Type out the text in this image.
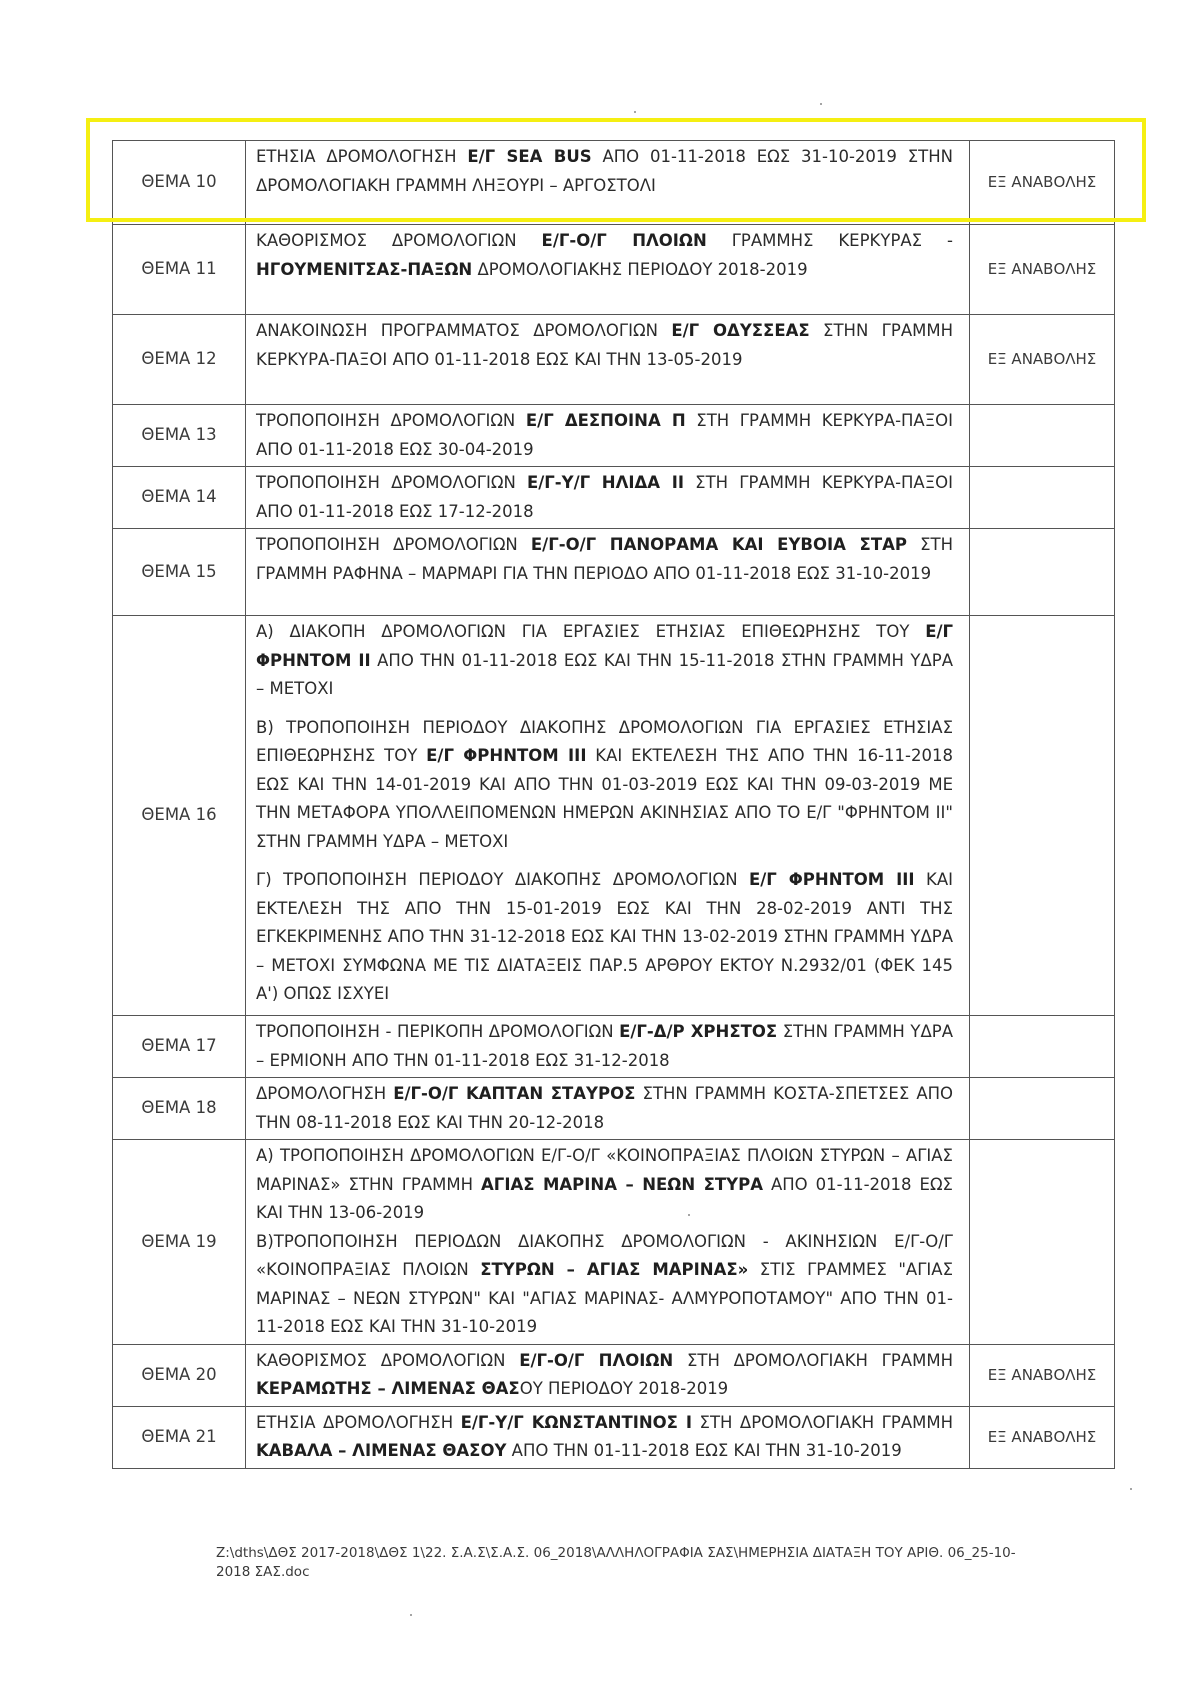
ΘΕΜΑ 10	ΕΤΗΣΙΑ ΔΡΟΜΟΛΟΓΗΣΗ Ε/Γ SEA BUS ΑΠΟ 01-11-2018 ΕΩΣ 31-10-2019 ΣΤΗΝ ΔΡΟΜΟΛΟΓΙΑΚΗ ΓΡΑΜΜΗ ΛΗΞΟΥΡΙ – ΑΡΓΟΣΤΟΛΙ	ΕΞ ΑΝΑΒΟΛΗΣ
ΘΕΜΑ 11	ΚΑΘΟΡΙΣΜΟΣ ΔΡΟΜΟΛΟΓΙΩΝ Ε/Γ-Ο/Γ ΠΛΟΙΩΝ ΓΡΑΜΜΗΣ ΚΕΡΚΥΡΑΣ - ΗΓΟΥΜΕΝΙΤΣΑΣ-ΠΑΞΩΝ ΔΡΟΜΟΛΟΓΙΑΚΗΣ ΠΕΡΙΟΔΟΥ 2018-2019	ΕΞ ΑΝΑΒΟΛΗΣ
ΘΕΜΑ 12	ΑΝΑΚΟΙΝΩΣΗ ΠΡΟΓΡΑΜΜΑΤΟΣ ΔΡΟΜΟΛΟΓΙΩΝ Ε/Γ ΟΔΥΣΣΕΑΣ ΣΤΗΝ ΓΡΑΜΜΗ ΚΕΡΚΥΡΑ-ΠΑΞΟΙ ΑΠΟ 01-11-2018 ΕΩΣ ΚΑΙ ΤΗΝ 13-05-2019	ΕΞ ΑΝΑΒΟΛΗΣ
ΘΕΜΑ 13	ΤΡΟΠΟΠΟΙΗΣΗ ΔΡΟΜΟΛΟΓΙΩΝ Ε/Γ ΔΕΣΠΟΙΝΑ Π ΣΤΗ ΓΡΑΜΜΗ ΚΕΡΚΥΡΑ-ΠΑΞΟΙ ΑΠΟ 01-11-2018 ΕΩΣ 30-04-2019	

ΘΕΜΑ 14	ΤΡΟΠΟΠΟΙΗΣΗ ΔΡΟΜΟΛΟΓΙΩΝ Ε/Γ-Υ/Γ ΗΛΙΔΑ ΙΙ ΣΤΗ ΓΡΑΜΜΗ ΚΕΡΚΥΡΑ-ΠΑΞΟΙ ΑΠΟ 01-11-2018 ΕΩΣ 17-12-2018	

ΘΕΜΑ 15	ΤΡΟΠΟΠΟΙΗΣΗ ΔΡΟΜΟΛΟΓΙΩΝ Ε/Γ-Ο/Γ ΠΑΝΟΡΑΜΑ ΚΑΙ ΕΥΒΟΙΑ ΣΤΑΡ ΣΤΗ ΓΡΑΜΜΗ ΡΑΦΗΝΑ – ΜΑΡΜΑΡΙ ΓΙΑ ΤΗΝ ΠΕΡΙΟΔΟ ΑΠΟ 01-11-2018 ΕΩΣ 31-10-2019	

ΘΕΜΑ 16	Α) ΔΙΑΚΟΠΗ ΔΡΟΜΟΛΟΓΙΩΝ ΓΙΑ ΕΡΓΑΣΙΕΣ ΕΤΗΣΙΑΣ ΕΠΙΘΕΩΡΗΣΗΣ ΤΟΥ Ε/Γ ΦΡΗΝΤΟΜ ΙΙ ΑΠΟ ΤΗΝ 01-11-2018 ΕΩΣ ΚΑΙ ΤΗΝ 15-11-2018 ΣΤΗΝ ΓΡΑΜΜΗ ΥΔΡΑ – ΜΕΤΟΧΙ

Β) ΤΡΟΠΟΠΟΙΗΣΗ ΠΕΡΙΟΔΟΥ ΔΙΑΚΟΠΗΣ ΔΡΟΜΟΛΟΓΙΩΝ ΓΙΑ ΕΡΓΑΣΙΕΣ ΕΤΗΣΙΑΣ ΕΠΙΘΕΩΡΗΣΗΣ ΤΟΥ Ε/Γ ΦΡΗΝΤΟΜ ΙΙΙ ΚΑΙ ΕΚΤΕΛΕΣΗ ΤΗΣ ΑΠΟ ΤΗΝ 16-11-2018 ΕΩΣ ΚΑΙ ΤΗΝ 14-01-2019 ΚΑΙ ΑΠΟ ΤΗΝ 01-03-2019 ΕΩΣ ΚΑΙ ΤΗΝ 09-03-2019 ΜΕ ΤΗΝ ΜΕΤΑΦΟΡΑ ΥΠΟΛΛΕΙΠΟΜΕΝΩΝ ΗΜΕΡΩΝ ΑΚΙΝΗΣΙΑΣ ΑΠΟ ΤΟ Ε/Γ "ΦΡΗΝΤΟΜ ΙΙ" ΣΤΗΝ ΓΡΑΜΜΗ ΥΔΡΑ – ΜΕΤΟΧΙ

Γ) ΤΡΟΠΟΠΟΙΗΣΗ ΠΕΡΙΟΔΟΥ ΔΙΑΚΟΠΗΣ ΔΡΟΜΟΛΟΓΙΩΝ Ε/Γ ΦΡΗΝΤΟΜ ΙΙΙ ΚΑΙ ΕΚΤΕΛΕΣΗ ΤΗΣ ΑΠΟ ΤΗΝ 15-01-2019 ΕΩΣ ΚΑΙ ΤΗΝ 28-02-2019 ΑΝΤΙ ΤΗΣ ΕΓΚΕΚΡΙΜΕΝΗΣ ΑΠΟ ΤΗΝ 31-12-2018 ΕΩΣ ΚΑΙ ΤΗΝ 13-02-2019 ΣΤΗΝ ΓΡΑΜΜΗ ΥΔΡΑ – ΜΕΤΟΧΙ ΣΥΜΦΩΝΑ ΜΕ ΤΙΣ ΔΙΑΤΑΞΕΙΣ ΠΑΡ.5 ΑΡΘΡΟΥ ΕΚΤΟΥ Ν.2932/01 (ΦΕΚ 145 Α') ΟΠΩΣ ΙΣΧΥΕΙ	

ΘΕΜΑ 17	ΤΡΟΠΟΠΟΙΗΣΗ - ΠΕΡΙΚΟΠΗ ΔΡΟΜΟΛΟΓΙΩΝ Ε/Γ-Δ/Ρ ΧΡΗΣΤΟΣ ΣΤΗΝ ΓΡΑΜΜΗ ΥΔΡΑ – ΕΡΜΙΟΝΗ ΑΠΟ ΤΗΝ 01-11-2018 ΕΩΣ 31-12-2018	

ΘΕΜΑ 18	ΔΡΟΜΟΛΟΓΗΣΗ Ε/Γ-Ο/Γ ΚΑΠΤΑΝ ΣΤΑΥΡΟΣ ΣΤΗΝ ΓΡΑΜΜΗ ΚΟΣΤΑ-ΣΠΕΤΣΕΣ ΑΠΟ ΤΗΝ 08-11-2018 ΕΩΣ ΚΑΙ ΤΗΝ 20-12-2018	

ΘΕΜΑ 19	Α) ΤΡΟΠΟΠΟΙΗΣΗ ΔΡΟΜΟΛΟΓΙΩΝ Ε/Γ-Ο/Γ «ΚΟΙΝΟΠΡΑΞΙΑΣ ΠΛΟΙΩΝ ΣΤΥΡΩΝ – ΑΓΙΑΣ ΜΑΡΙΝΑΣ» ΣΤΗΝ ΓΡΑΜΜΗ ΑΓΙΑΣ ΜΑΡΙΝΑ – ΝΕΩΝ ΣΤΥΡΑ ΑΠΟ 01-11-2018 ΕΩΣ ΚΑΙ ΤΗΝ 13-06-2019

Β)ΤΡΟΠΟΠΟΙΗΣΗ ΠΕΡΙΟΔΩΝ ΔΙΑΚΟΠΗΣ ΔΡΟΜΟΛΟΓΙΩΝ - ΑΚΙΝΗΣΙΩΝ Ε/Γ-Ο/Γ «ΚΟΙΝΟΠΡΑΞΙΑΣ ΠΛΟΙΩΝ ΣΤΥΡΩΝ – ΑΓΙΑΣ ΜΑΡΙΝΑΣ» ΣΤΙΣ ΓΡΑΜΜΕΣ "ΑΓΙΑΣ ΜΑΡΙΝΑΣ – ΝΕΩΝ ΣΤΥΡΩΝ" ΚΑΙ "ΑΓΙΑΣ ΜΑΡΙΝΑΣ- ΑΛΜΥΡΟΠΟΤΑΜΟΥ" ΑΠΟ ΤΗΝ 01-11-2018 ΕΩΣ ΚΑΙ ΤΗΝ 31-10-2019	

ΘΕΜΑ 20	ΚΑΘΟΡΙΣΜΟΣ ΔΡΟΜΟΛΟΓΙΩΝ Ε/Γ-Ο/Γ ΠΛΟΙΩΝ ΣΤΗ ΔΡΟΜΟΛΟΓΙΑΚΗ ΓΡΑΜΜΗ ΚΕΡΑΜΩΤΗΣ – ΛΙΜΕΝΑΣ ΘΑΣΟΥ ΠΕΡΙΟΔΟΥ 2018-2019	ΕΞ ΑΝΑΒΟΛΗΣ
ΘΕΜΑ 21	ΕΤΗΣΙΑ ΔΡΟΜΟΛΟΓΗΣΗ Ε/Γ-Υ/Γ ΚΩΝΣΤΑΝΤΙΝΟΣ Ι ΣΤΗ ΔΡΟΜΟΛΟΓΙΑΚΗ ΓΡΑΜΜΗ ΚΑΒΑΛΑ – ΛΙΜΕΝΑΣ ΘΑΣΟΥ ΑΠΟ ΤΗΝ 01-11-2018 ΕΩΣ ΚΑΙ ΤΗΝ 31-10-2019	ΕΞ ΑΝΑΒΟΛΗΣ
Z:\dths\ΔΘΣ 2017-2018\ΔΘΣ 1\22. Σ.Α.Σ\Σ.Α.Σ. 06_2018\ΑΛΛΗΛΟΓΡΑΦΙΑ ΣΑΣ\ΗΜΕΡΗΣΙΑ ΔΙΑΤΑΞΗ ΤΟΥ ΑΡΙΘ. 06_25-10-2018 ΣΑΣ.doc
